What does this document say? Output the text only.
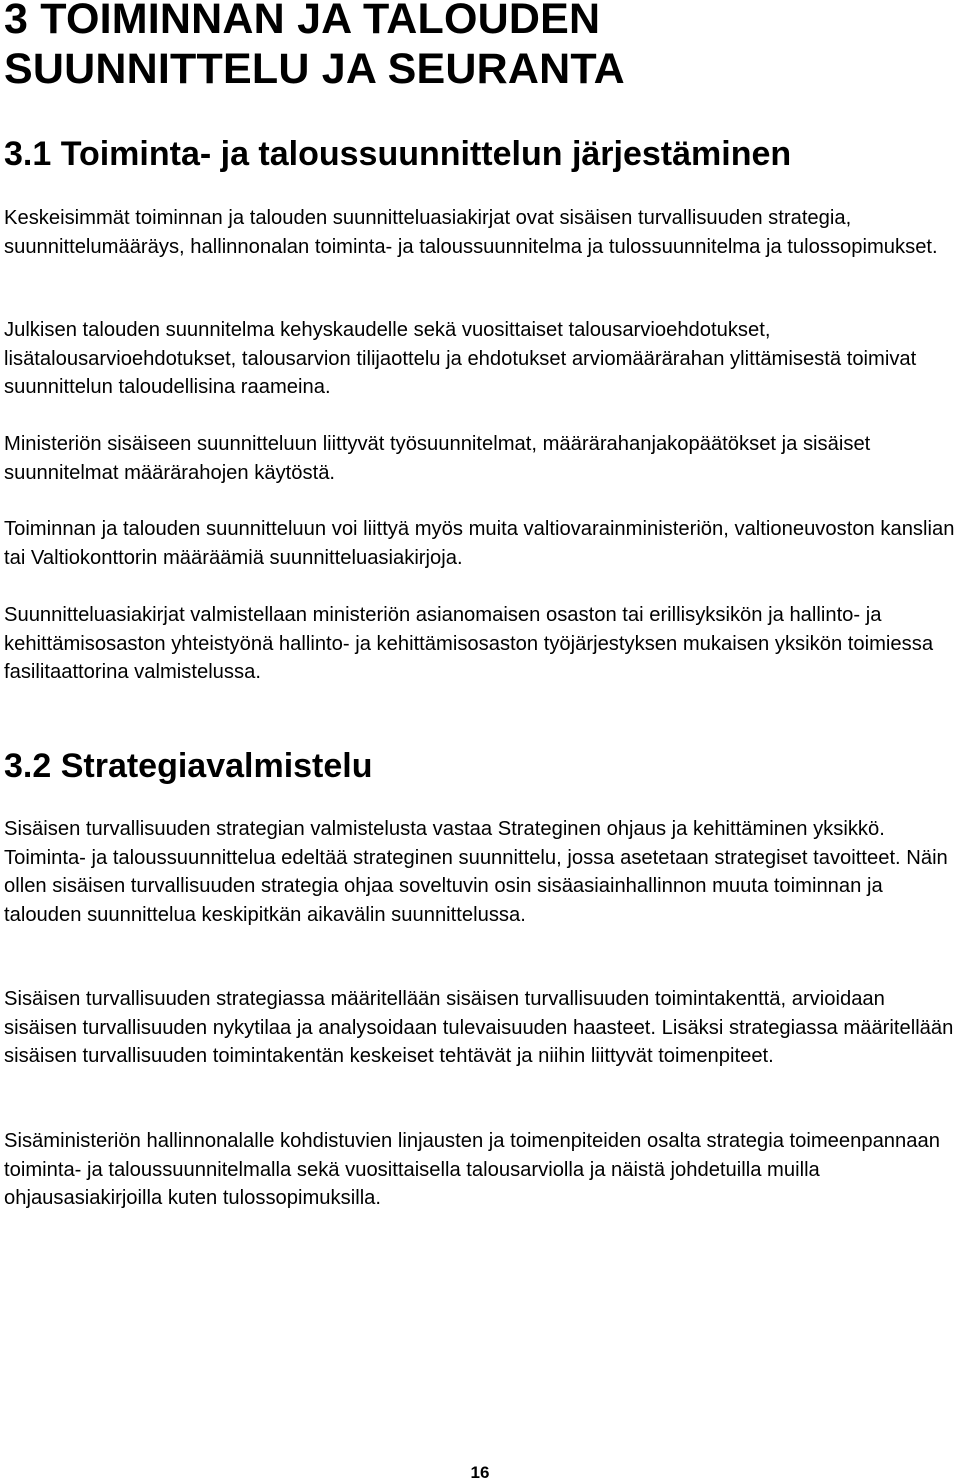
3 TOIMINNAN JA TALOUDEN
SUUNNITTELU JA SEURANTA
3.1 Toiminta- ja taloussuunnittelun järjestäminen

Keskeisimmät toiminnan ja talouden suunnitteluasiakirjat ovat sisäisen turvallisuuden strategia, suunnittelumääräys, hallinnonalan toiminta- ja taloussuunnitelma ja tulossuunnitelma ja tulossopimukset.

Julkisen talouden suunnitelma kehyskaudelle sekä vuosittaiset talousarvioehdotukset, lisätalousarvioehdotukset, talousarvion tilijaottelu ja ehdotukset arviomäärärahan ylittämisestä toimivat suunnittelun taloudellisina raameina.

Ministeriön sisäiseen suunnitteluun liittyvät työsuunnitelmat, määrärahanjakopäätökset ja sisäiset suunnitelmat määrärahojen käytöstä.

Toiminnan ja talouden suunnitteluun voi liittyä myös muita valtiovarainministeriön, valtioneuvoston kanslian tai Valtiokonttorin määräämiä suunnitteluasiakirjoja.

Suunnitteluasiakirjat valmistellaan ministeriön asianomaisen osaston tai erillisyksikön ja hallinto- ja kehittämisosaston yhteistyönä hallinto- ja kehittämisosaston työjärjestyksen mukaisen yksikön toimiessa fasilitaattorina valmistelussa.

3.2 Strategiavalmistelu

Sisäisen turvallisuuden strategian valmistelusta vastaa Strateginen ohjaus ja kehittäminen yksikkö. Toiminta- ja taloussuunnittelua edeltää strateginen suunnittelu, jossa asetetaan strategiset tavoitteet. Näin ollen sisäisen turvallisuuden strategia ohjaa soveltuvin osin sisäasiainhallinnon muuta toiminnan ja talouden suunnittelua keskipitkän aikavälin suunnittelussa.

Sisäisen turvallisuuden strategiassa määritellään sisäisen turvallisuuden toimintakenttä, arvioidaan sisäisen turvallisuuden nykytilaa ja analysoidaan tulevaisuuden haasteet. Lisäksi strategiassa määritellään sisäisen turvallisuuden toimintakentän keskeiset tehtävät ja niihin liittyvät toimenpiteet.

Sisäministeriön hallinnonalalle kohdistuvien linjausten ja toimenpiteiden osalta strategia toimeenpannaan toiminta- ja taloussuunnitelmalla sekä vuosittaisella talousarviolla ja näistä johdetuilla muilla ohjausasiakirjoilla kuten tulossopimuksilla.

16
